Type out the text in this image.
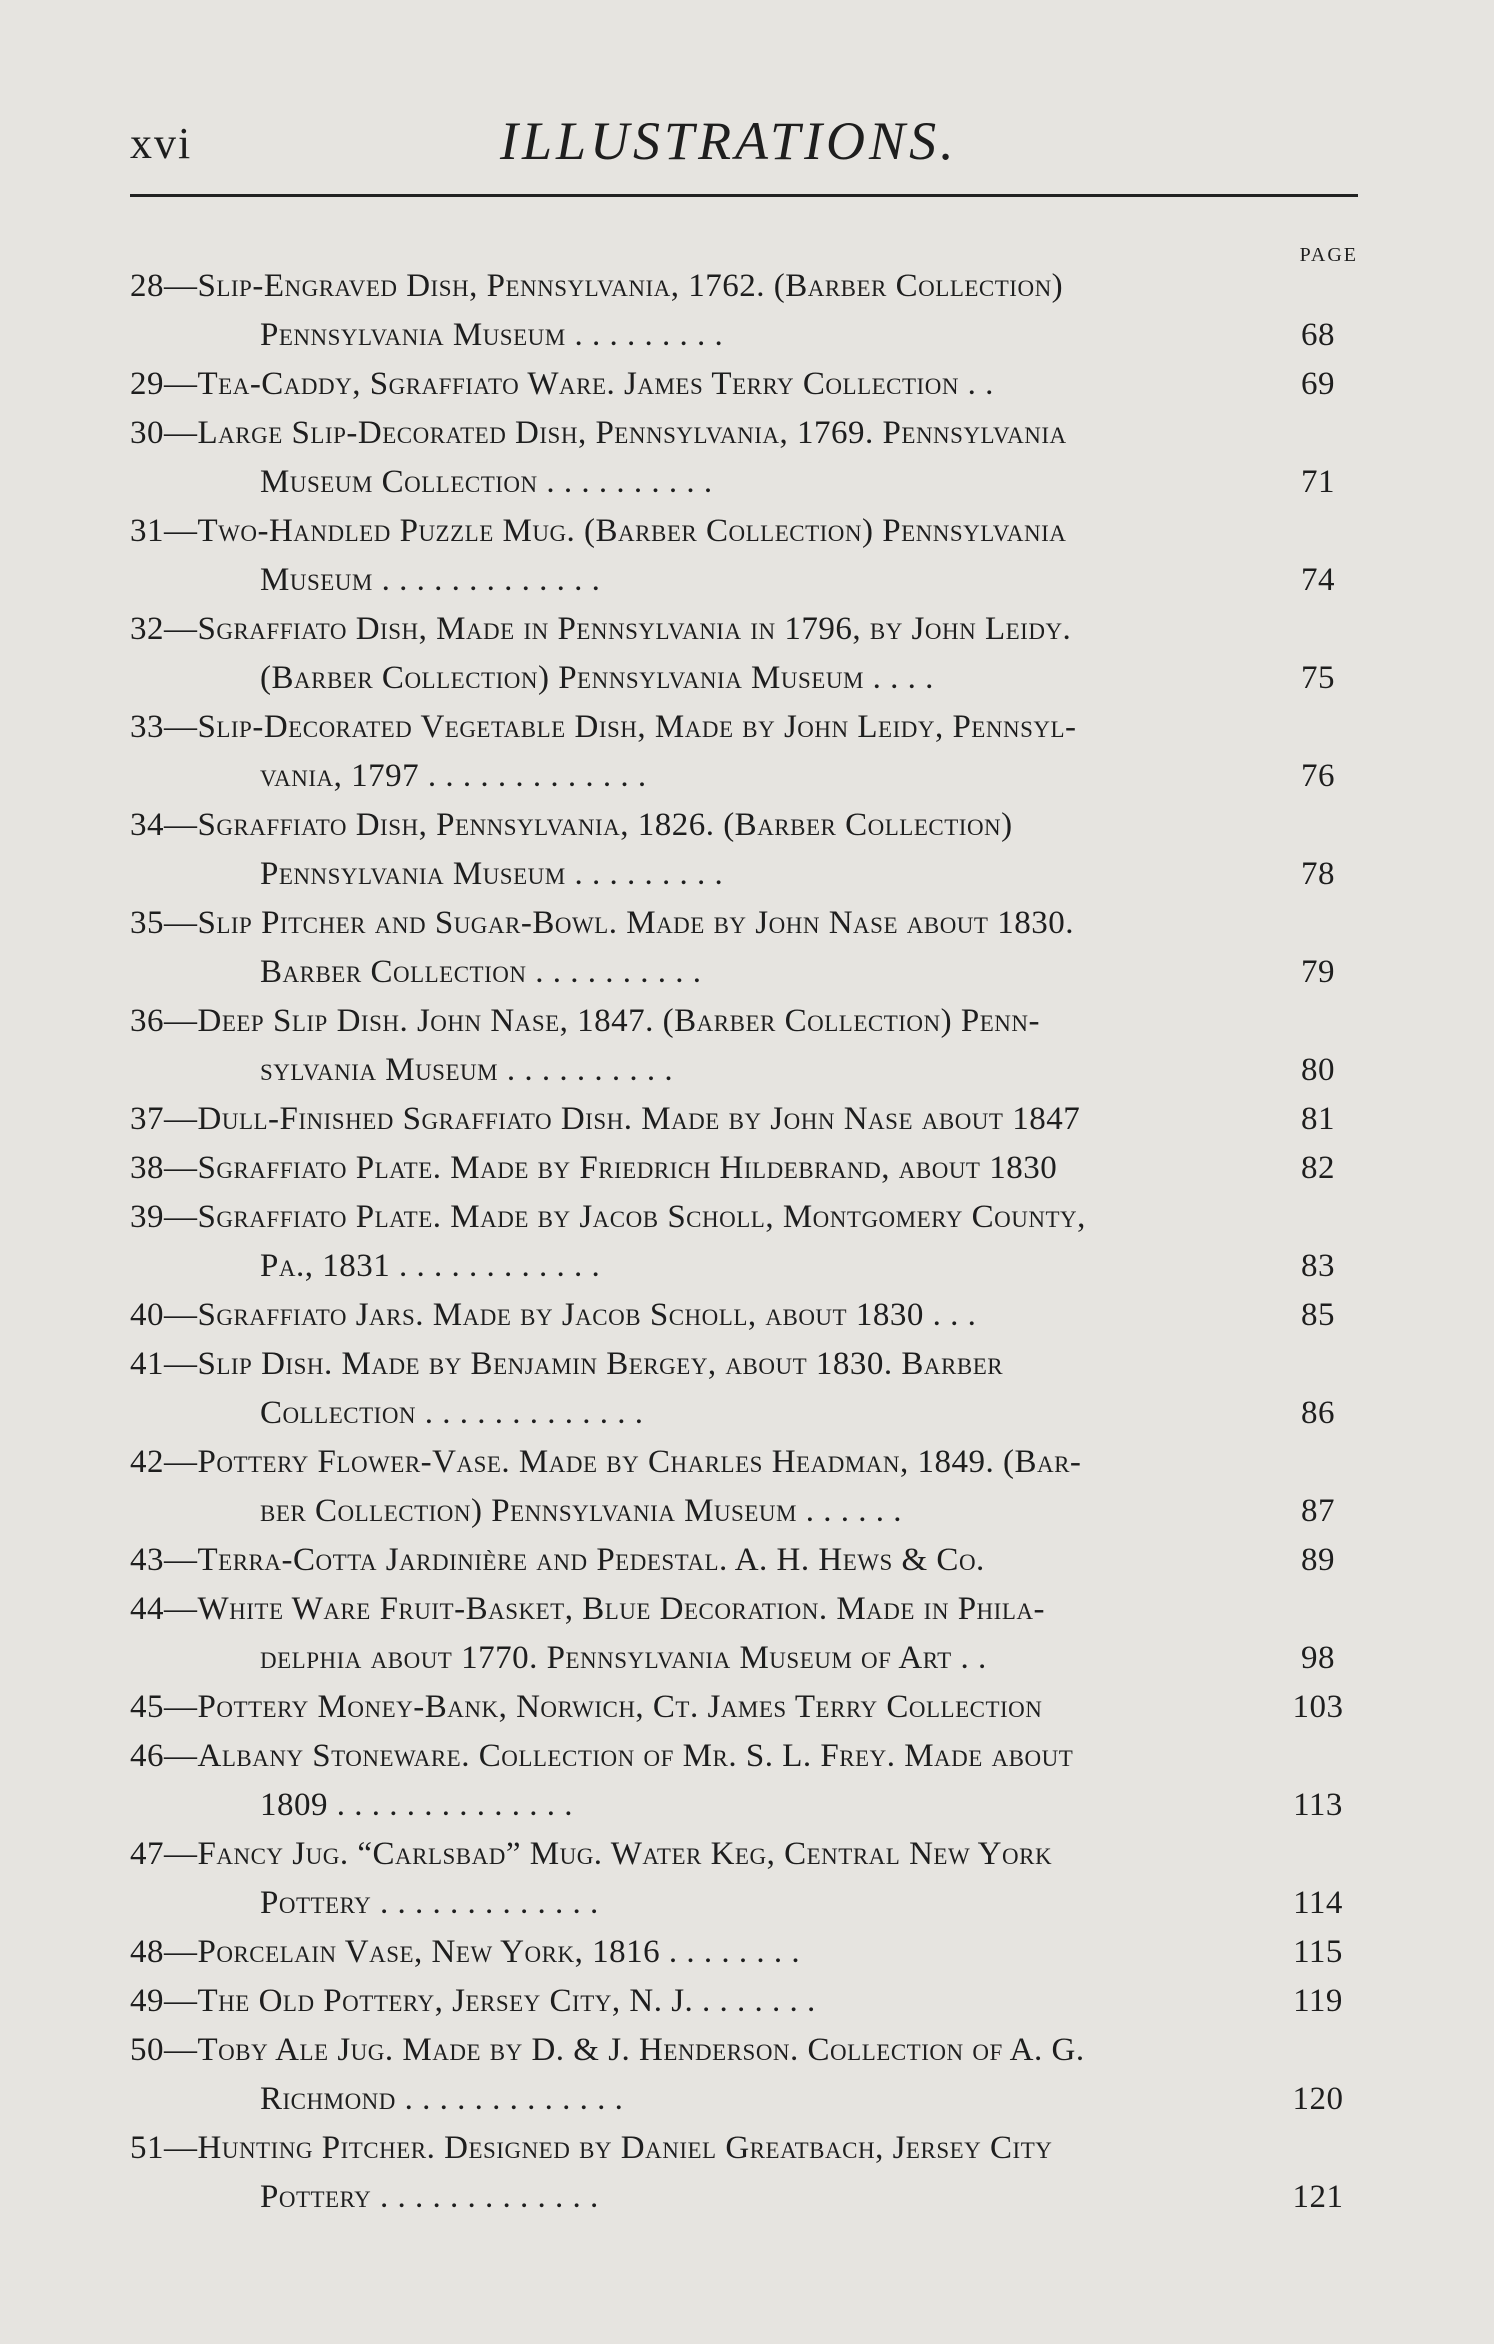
xvi	ILLUSTRATIONS.
PAGE
28—Slip-Engraved Dish, Pennsylvania, 1762. (Barber Collection)
Pennsylvania Museum . . . . . . . . .	68
29—Tea-Caddy, Sgraffiato Ware. James Terry Collection . .	69
30—Large Slip-Decorated Dish, Pennsylvania, 1769. Pennsylvania
Museum Collection . . . . . . . . . .	71
31—Two-Handled Puzzle Mug. (Barber Collection) Pennsylvania
Museum . . . . . . . . . . . . .	74
32—Sgraffiato Dish, Made in Pennsylvania in 1796, by John Leidy.
(Barber Collection) Pennsylvania Museum . . . .	75
33—Slip-Decorated Vegetable Dish, Made by John Leidy, Pennsyl-
vania, 1797 . . . . . . . . . . . . .	76
34—Sgraffiato Dish, Pennsylvania, 1826. (Barber Collection)
Pennsylvania Museum . . . . . . . . .	78
35—Slip Pitcher and Sugar-Bowl. Made by John Nase about 1830.
Barber Collection . . . . . . . . . .	79
36—Deep Slip Dish. John Nase, 1847. (Barber Collection) Penn-
sylvania Museum . . . . . . . . . .	80
37—Dull-Finished Sgraffiato Dish. Made by John Nase about 1847	81
38—Sgraffiato Plate. Made by Friedrich Hildebrand, about 1830	82
39—Sgraffiato Plate. Made by Jacob Scholl, Montgomery County,
Pa., 1831 . . . . . . . . . . . .	83
40—Sgraffiato Jars. Made by Jacob Scholl, about 1830 . . .	85
41—Slip Dish. Made by Benjamin Bergey, about 1830. Barber
Collection . . . . . . . . . . . . .	86
42—Pottery Flower-Vase. Made by Charles Headman, 1849. (Bar-
ber Collection) Pennsylvania Museum . . . . . .	87
43—Terra-Cotta Jardinière and Pedestal. A. H. Hews & Co.	89
44—White Ware Fruit-Basket, Blue Decoration. Made in Phila-
delphia about 1770. Pennsylvania Museum of Art . .	98
45—Pottery Money-Bank, Norwich, Ct. James Terry Collection	103
46—Albany Stoneware. Collection of Mr. S. L. Frey. Made about
1809 . . . . . . . . . . . . . .	113
47—Fancy Jug. “Carlsbad” Mug. Water Keg, Central New York
Pottery . . . . . . . . . . . . .	114
48—Porcelain Vase, New York, 1816 . . . . . . . .	115
49—The Old Pottery, Jersey City, N. J. . . . . . . .	119
50—Toby Ale Jug. Made by D. & J. Henderson. Collection of A. G.
Richmond . . . . . . . . . . . . .	120
51—Hunting Pitcher. Designed by Daniel Greatbach, Jersey City
Pottery . . . . . . . . . . . . .	121
